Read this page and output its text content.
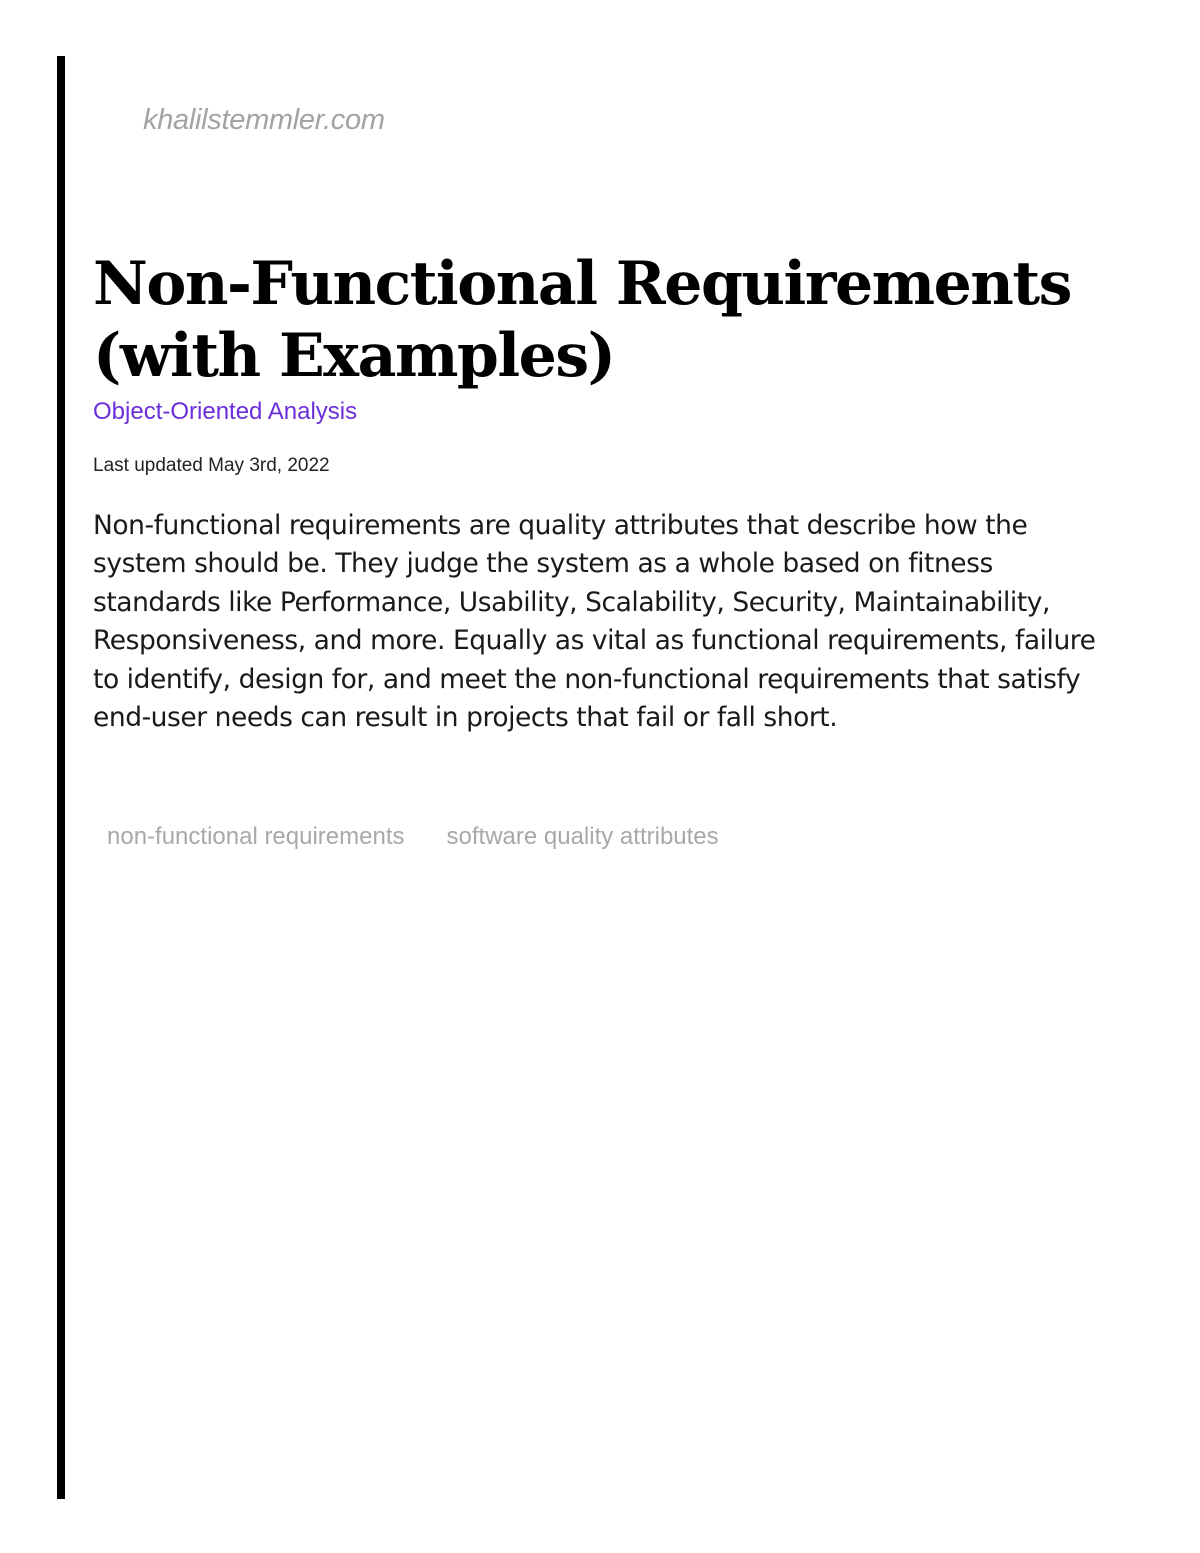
khalilstemmler.com
Non-Functional Requirements (with Examples)
Object-Oriented Analysis
Last updated May 3rd, 2022

Non-functional requirements are quality attributes that describe how the system should be. They judge the system as a whole based on fitness standards like Performance, Usability, Scalability, Security, Maintainability, Responsiveness, and more. Equally as vital as functional requirements, failure to identify, design for, and meet the non-functional requirements that satisfy end-user needs can result in projects that fail or fall short.

non-functional requirements software quality attributes
